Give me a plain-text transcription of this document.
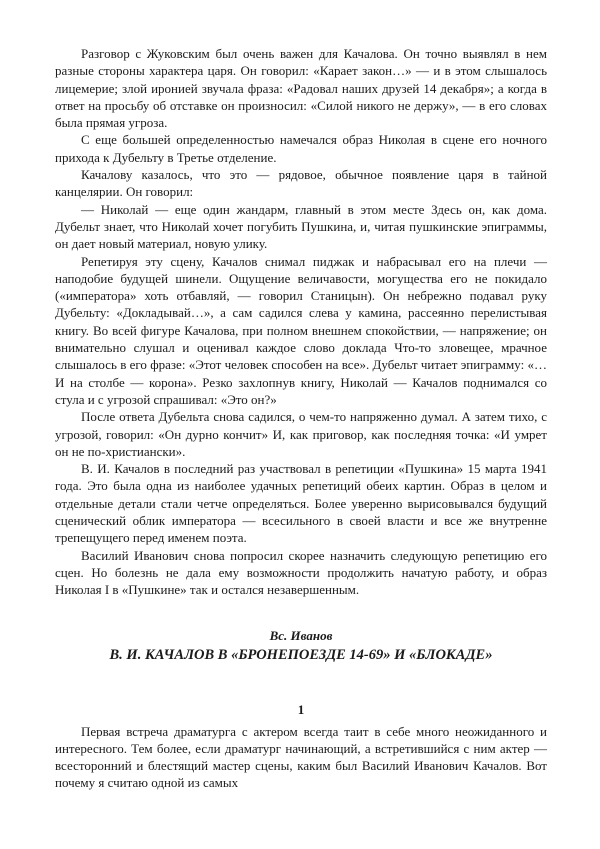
Разговор с Жуковским был очень важен для Качалова. Он точно выявлял в нем разные стороны характера царя. Он говорил: «Карает закон…» — и в этом слышалось лицемерие; злой иронией звучала фраза: «Радовал наших друзей 14 декабря»; а когда в ответ на просьбу об отставке он произносил: «Силой никого не держу», — в его словах была прямая угроза.

С еще большей определенностью намечался образ Николая в сцене его ночного прихода к Дубельту в Третье отделение.

Качалову казалось, что это — рядовое, обычное появление царя в тайной канцелярии. Он говорил:

— Николай — еще один жандарм, главный в этом месте Здесь он, как дома. Дубельт знает, что Николай хочет погубить Пушкина, и, читая пушкинские эпиграммы, он дает новый материал, новую улику.

Репетируя эту сцену, Качалов снимал пиджак и набрасывал его на плечи — наподобие будущей шинели. Ощущение величавости, могущества его не покидало («императора» хоть отбавляй, — говорил Станицын). Он небрежно подавал руку Дубельту: «Докладывай…», а сам садился слева у камина, рассеянно перелистывая книгу. Во всей фигуре Качалова, при полном внешнем спокойствии, — напряжение; он внимательно слушал и оценивал каждое слово доклада Что-то зловещее, мрачное слышалось в его фразе: «Этот человек способен на все». Дубельт читает эпиграмму: «… И на столбе — корона». Резко захлопнув книгу, Николай — Качалов поднимался со стула и с угрозой спрашивал: «Это он?»

После ответа Дубельта снова садился, о чем-то напряженно думал. А затем тихо, с угрозой, говорил: «Он дурно кончит» И, как приговор, как последняя точка: «И умрет он не по-христиански».

В. И. Качалов в последний раз участвовал в репетиции «Пушкина» 15 марта 1941 года. Это была одна из наиболее удачных репетиций обеих картин. Образ в целом и отдельные детали стали четче определяться. Более уверенно вырисовывался будущий сценический облик императора — всесильного в своей власти и все же внутренне трепещущего перед именем поэта.

Василий Иванович снова попросил скорее назначить следующую репетицию его сцен. Но болезнь не дала ему возможности продолжить начатую работу, и образ Николая I в «Пушкине» так и остался незавершенным.

Вс. Иванов
В. И. КАЧАЛОВ В «БРОНЕПОЕЗДЕ 14-69» И «БЛОКАДЕ»
1

Первая встреча драматурга с актером всегда таит в себе много неожиданного и интересного. Тем более, если драматург начинающий, а встретившийся с ним актер — всесторонний и блестящий мастер сцены, каким был Василий Иванович Качалов. Вот почему я считаю одной из самых
